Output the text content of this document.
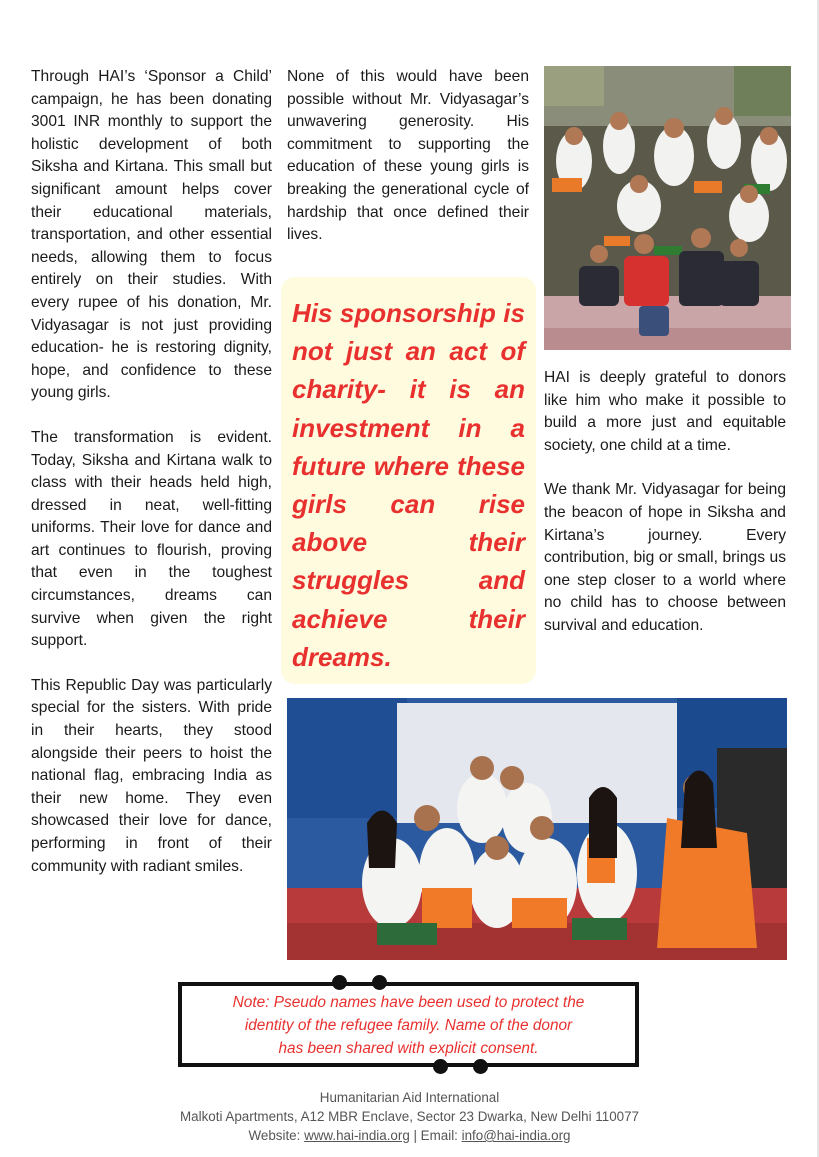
Through HAI’s ‘Sponsor a Child’ campaign, he has been donating 3001 INR monthly to support the holistic development of both Siksha and Kirtana. This small but significant amount helps cover their educational materials, transportation, and other essential needs, allowing them to focus entirely on their studies. With every rupee of his donation, Mr. Vidyasagar is not just providing education- he is restoring dignity, hope, and confidence to these young girls.

The transformation is evident. Today, Siksha and Kirtana walk to class with their heads held high, dressed in neat, well-fitting uniforms. Their love for dance and art continues to flourish, proving that even in the toughest circumstances, dreams can survive when given the right support.

This Republic Day was particularly special for the sisters. With pride in their hearts, they stood alongside their peers to hoist the national flag, embracing India as their new home. They even showcased their love for dance, performing in front of their community with radiant smiles.

None of this would have been possible without Mr. Vidyasagar’s unwavering generosity. His commitment to supporting the education of these young girls is breaking the generational cycle of hardship that once defined their lives.

His sponsorship is not just an act of charity- it is an investment in a future where these girls can rise above their struggles and achieve their dreams.

HAI is deeply grateful to donors like him who make it possible to build a more just and equitable society, one child at a time.

We thank Mr. Vidyasagar for being the beacon of hope in Siksha and Kirtana’s journey. Every contribution, big or small, brings us one step closer to a world where no child has to choose between survival and education.

Note: Pseudo names have been used to protect the
identity of the refugee family. Name of the donor
has been shared with explicit consent.
Humanitarian Aid International
Malkoti Apartments, A12 MBR Enclave, Sector 23 Dwarka, New Delhi 110077
Website: www.hai-india.org | Email: info@hai-india.org
